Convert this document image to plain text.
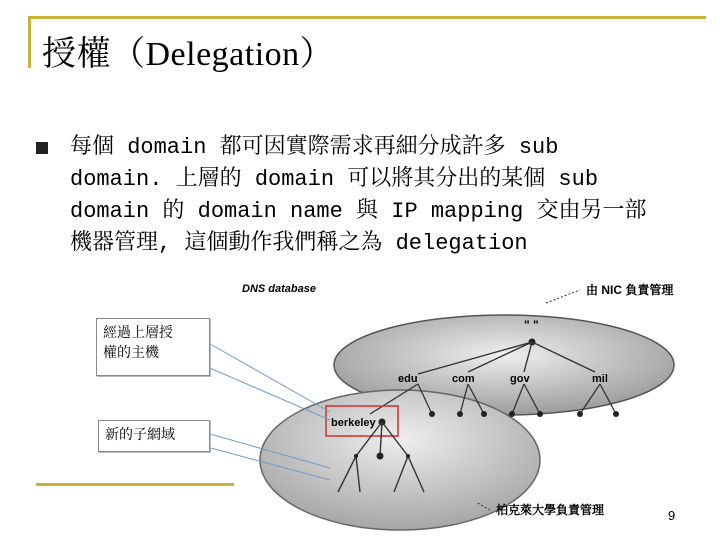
授權（Delegation）
每個 domain 都可因實際需求再細分成許多 sub
domain. 上層的 domain 可以將其分出的某個 sub
domain 的 domain name 與 IP mapping 交由另一部
機器管理, 這個動作我們稱之為 delegation
DNS database	由 NIC 負責管理
" "
edu	com	gov	mil
berkeley
柏克萊大學負責管理
經過上層授
權的主機
新的子網域
9
